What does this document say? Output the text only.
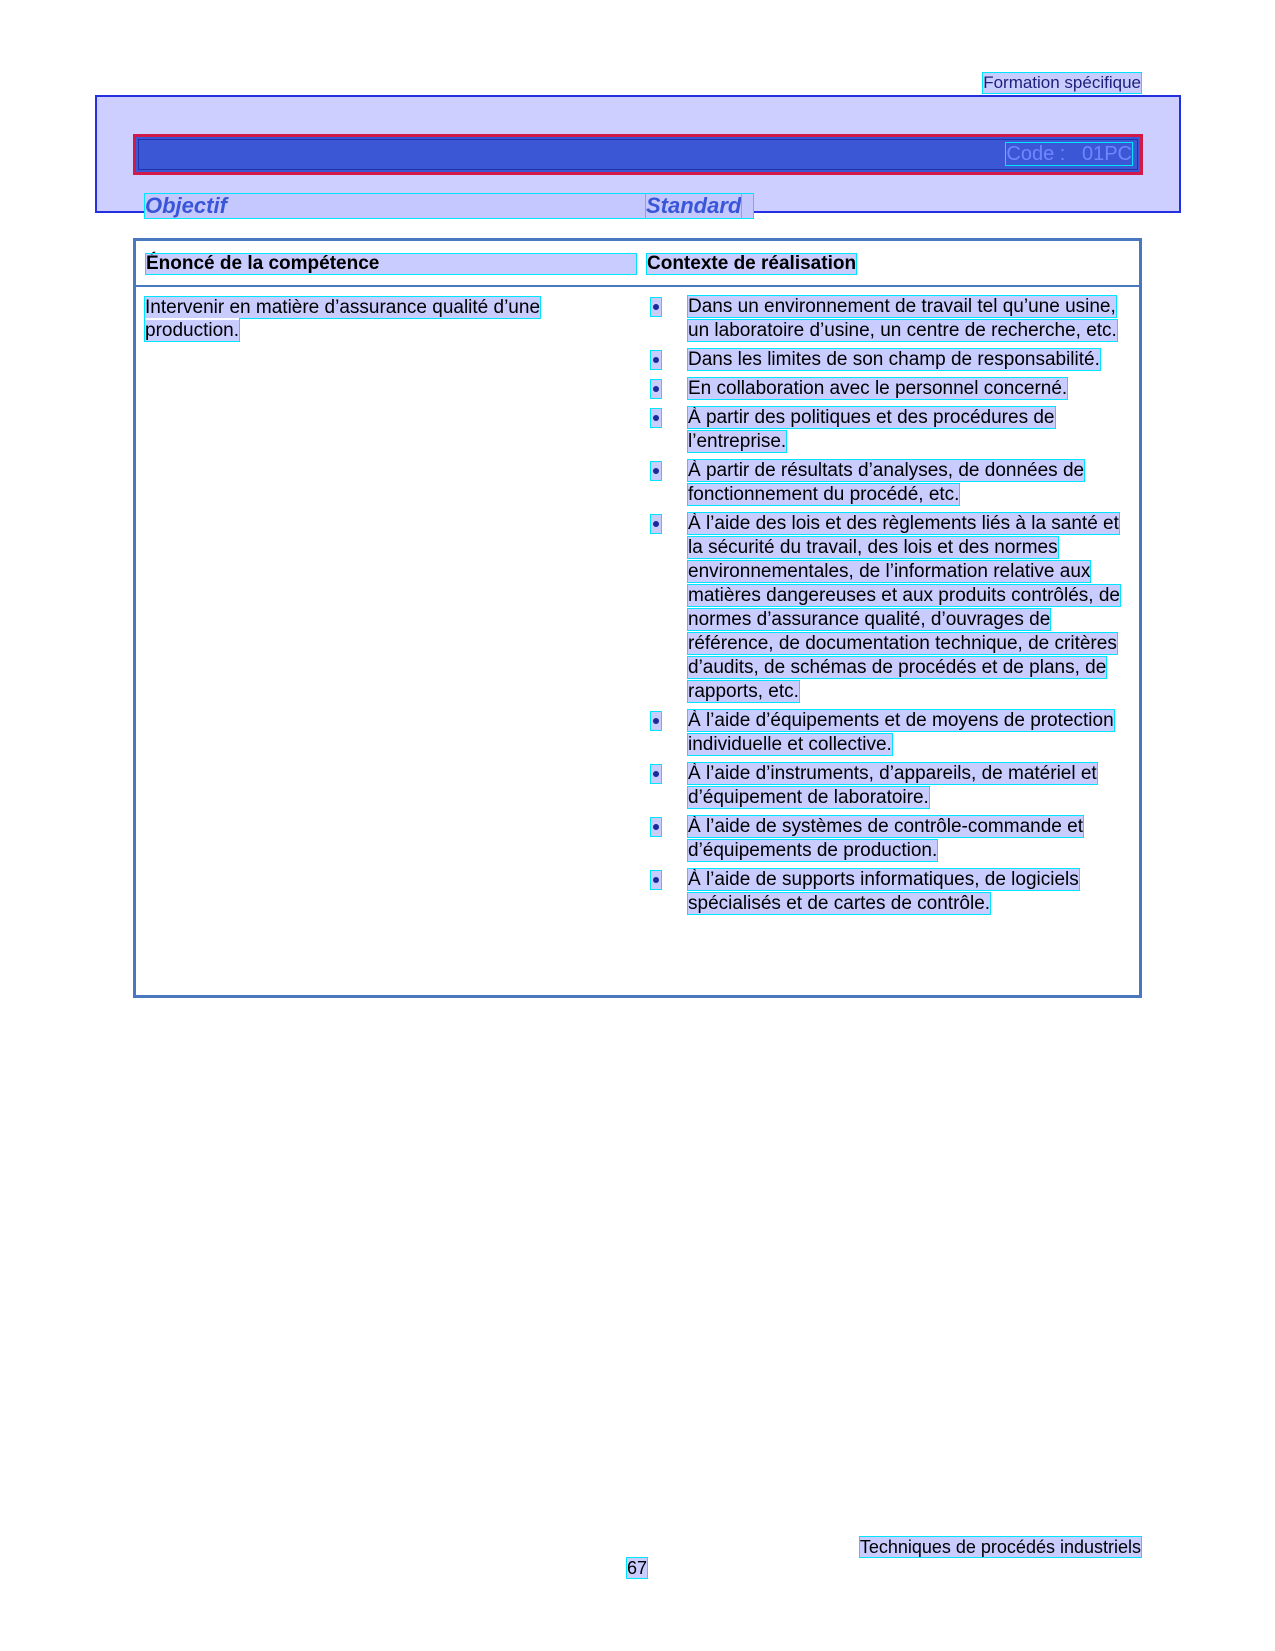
Formation spécifique
Code :   01PC
Objectif	Standard
Énoncé de la compétence	Contexte de réalisation
Intervenir en matière d’assurance qualité d’une production.
Dans un environnement de travail tel qu’une usine, un laboratoire d’usine, un centre de recherche, etc.
Dans les limites de son champ de responsabilité.
En collaboration avec le personnel concerné.
À partir des politiques et des procédures de l’entreprise.
À partir de résultats d’analyses, de données de fonctionnement du procédé, etc.
À l’aide des lois et des règlements liés à la santé et la sécurité du travail, des lois et des normes environnementales, de l’information relative aux matières dangereuses et aux produits contrôlés, de normes d’assurance qualité, d’ouvrages de référence, de documentation technique, de critères d’audits, de schémas de procédés et de plans, de rapports, etc.
À l’aide d’équipements et de moyens de protection individuelle et collective.
À l’aide d’instruments, d’appareils, de matériel et d’équipement de laboratoire.
À l’aide de systèmes de contrôle-commande et d’équipements de production.
À l’aide de supports informatiques, de logiciels spécialisés et de cartes de contrôle.
Techniques de procédés industriels
67
